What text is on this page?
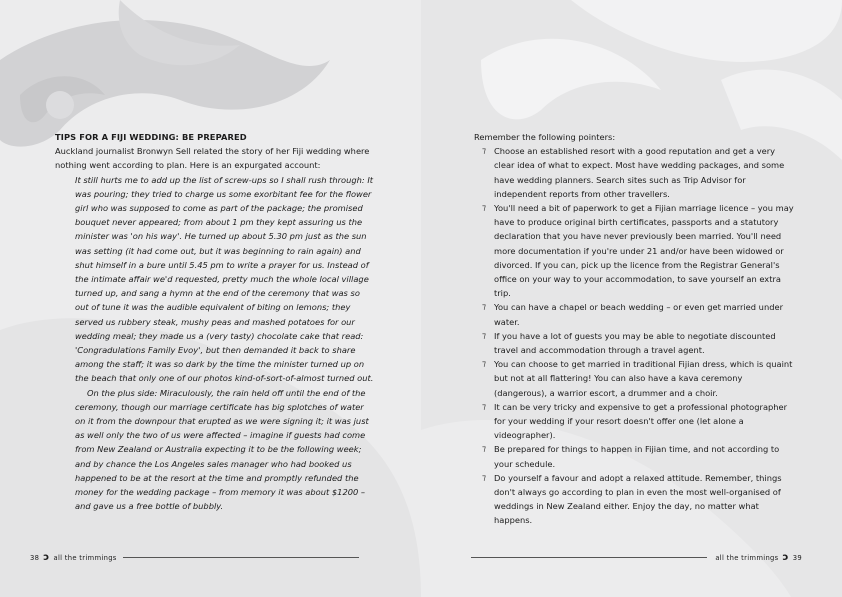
TIPS FOR A FIJI WEDDING: BE PREPARED

Auckland journalist Bronwyn Sell related the story of her Fiji wedding where nothing went according to plan. Here is an expurgated account:

It still hurts me to add up the list of screw-ups so I shall rush through: It was pouring; they tried to charge us some exorbitant fee for the flower girl who was supposed to come as part of the package; the promised bouquet never appeared; from about 1 pm they kept assuring us the minister was 'on his way'. He turned up about 5.30 pm just as the sun was setting (it had come out, but it was beginning to rain again) and shut himself in a bure until 5.45 pm to write a prayer for us. Instead of the intimate affair we'd requested, pretty much the whole local village turned up, and sang a hymn at the end of the ceremony that was so out of tune it was the audible equivalent of biting on lemons; they served us rubbery steak, mushy peas and mashed potatoes for our wedding meal; they made us a (very tasty) chocolate cake that read: 'Congradulations Family Evoy', but then demanded it back to share among the staff; it was so dark by the time the minister turned up on the beach that only one of our photos kind-of-sort-of-almost turned out.

On the plus side: Miraculously, the rain held off until the end of the ceremony, though our marriage certificate has big splotches of water on it from the downpour that erupted as we were signing it; it was just as well only the two of us were affected – imagine if guests had come from New Zealand or Australia expecting it to be the following week; and by chance the Los Angeles sales manager who had booked us happened to be at the resort at the time and promptly refunded the money for the wedding package – from memory it was about $1200 – and gave us a free bottle of bubbly.

38 ↄ all the trimmings	all the trimmings ↄ 39

Remember the following pointers:

⁊ Choose an established resort with a good reputation and get a very clear idea of what to expect. Most have wedding packages, and some have wedding planners. Search sites such as Trip Advisor for independent reports from other travellers.
⁊ You'll need a bit of paperwork to get a Fijian marriage licence – you may have to produce original birth certificates, passports and a statutory declaration that you have never previously been married. You'll need more documentation if you're under 21 and/or have been widowed or divorced. If you can, pick up the licence from the Registrar General's office on your way to your accommodation, to save yourself an extra trip.
⁊ You can have a chapel or beach wedding – or even get married under water.
⁊ If you have a lot of guests you may be able to negotiate discounted travel and accommodation through a travel agent.
⁊ You can choose to get married in traditional Fijian dress, which is quaint but not at all flattering! You can also have a kava ceremony (dangerous), a warrior escort, a drummer and a choir.
⁊ It can be very tricky and expensive to get a professional photographer for your wedding if your resort doesn't offer one (let alone a videographer).
⁊ Be prepared for things to happen in Fijian time, and not according to your schedule.
⁊ Do yourself a favour and adopt a relaxed attitude. Remember, things don't always go according to plan in even the most well-organised of weddings in New Zealand either. Enjoy the day, no matter what happens.
